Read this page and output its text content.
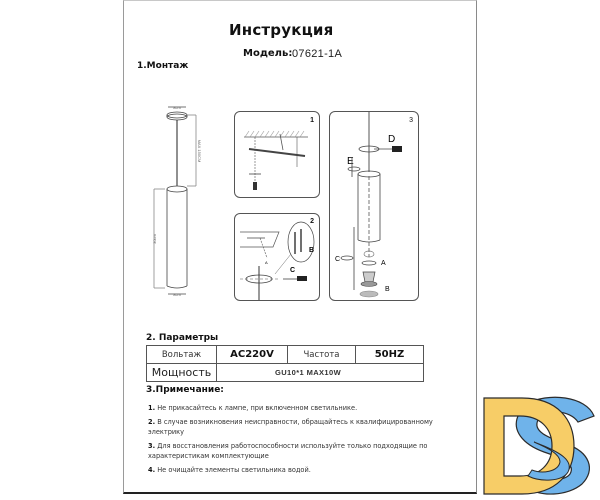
Инструкция
Модель: 07621-1A
1.Монтаж
8cm
8cm
MAX 150CM
30cm
1
2
B
C
A
3
D
E
A
C
B
2. Параметры
Вольтаж	AC220V	Частота	50HZ
Мощность	GU10*1 MAX10W		
3.Примечание:
1. Не прикасайтесь к лампе, при включенном светильнике.
2. В случае возникновения неисправности, обращайтесь к квалифицированному электрику
3. Для восстановления работоспособности используйте только подходящие по характеристикам комплектующие
4. Не очищайте элементы светильника водой.
